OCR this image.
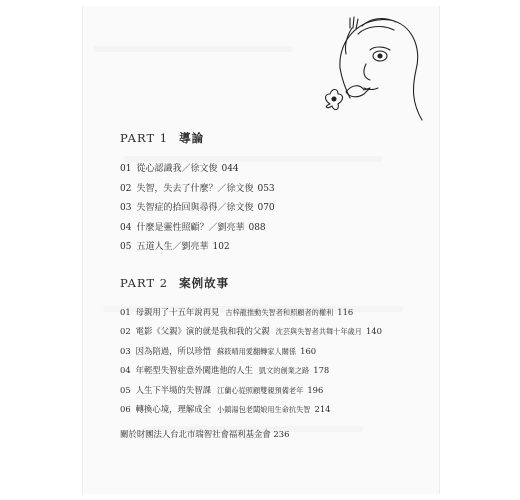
PART 1 導論
01 從心認識我／徐文俊 044
02 失智，失去了什麼？／徐文俊 053
03 失智症的拾回與尋得／徐文俊 070
04 什麼是靈性照顧？／劉亮華 088
05 五道人生／劉亮華 102
PART 2 案例故事
01 母親用了十五年說再見 古梓龍推動失智者和照顧者的權利 116
02 電影《父親》演的就是我和我的父親 沈芸與失智者共舞十年歲月 140
03 因為陪過，所以珍惜 蘇筱晴用愛翻轉家人關係 160
04 年輕型失智症意外闖進他的人生 凱文的創業之路 178
05 人生下半場的失智課 江蘭心從照顧雙親預備老年 196
06 轉換心境，理解成全 小鎮湯包老闆娘用生命抗失智 214
關於財團法人台北市瑞智社會福利基金會 236
